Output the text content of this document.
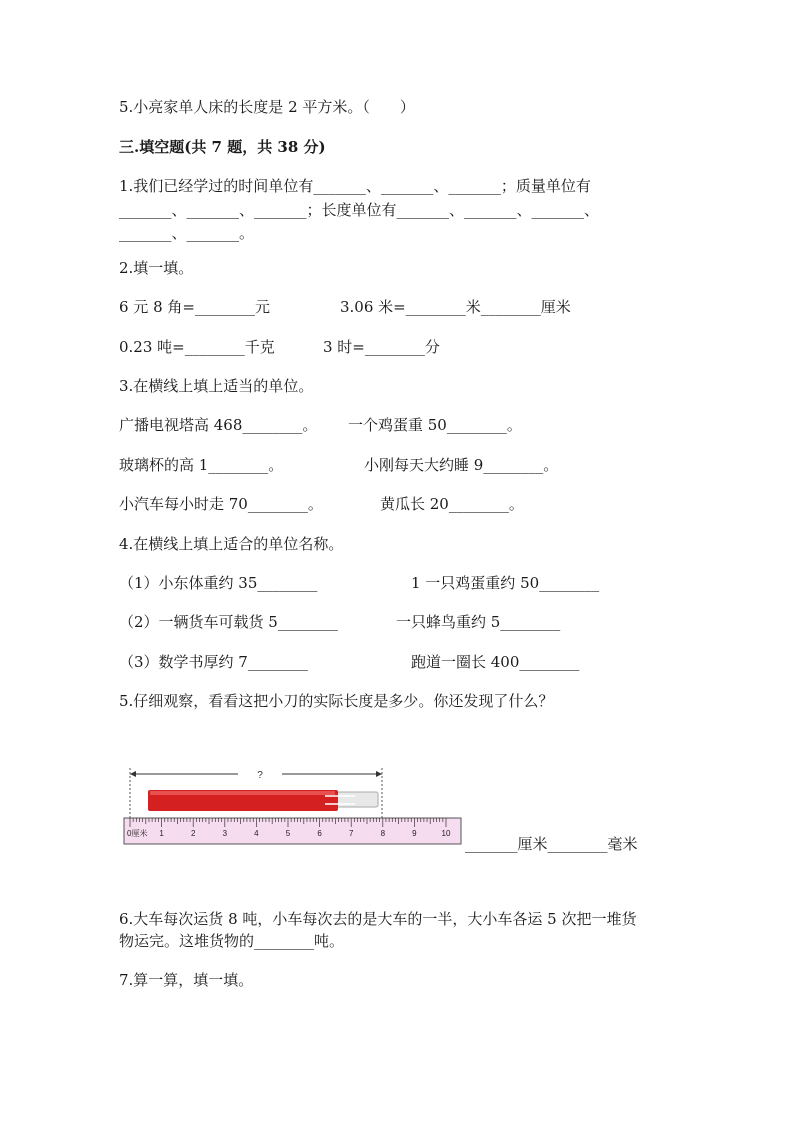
5.小亮家单人床的长度是 2 平方米。（　　）
三.填空题(共 7 题，共 38 分)
1.我们已经学过的时间单位有_______、_______、_______；质量单位有
_______、_______、_______；长度单位有_______、_______、_______、
_______、_______。
2.填一填。
6 元 8 角=________元	3.06 米=________米________厘米
0.23 吨=________千克	3 时=________分
3.在横线上填上适当的单位。
广播电视塔高 468________。 一个鸡蛋重 50________。
玻璃杯的高 1________。	小刚每天大约睡 9________。
小汽车每小时走 70________。	黄瓜长 20________。
4.在横线上填上适合的单位名称。
（1）小东体重约 35________	1 一只鸡蛋重约 50________
（2）一辆货车可载货 5________	一只蜂鸟重约 5________
（3）数学书厚约 7________	跑道一圈长 400________
5.仔细观察，看看这把小刀的实际长度是多少。你还发现了什么？
?
0厘米 1	2	3	4	5	6	7	8	9	10
_______厘米________毫米
6.大车每次运货 8 吨，小车每次去的是大车的一半，大小车各运 5 次把一堆货
物运完。这堆货物的________吨。
7.算一算，填一填。
